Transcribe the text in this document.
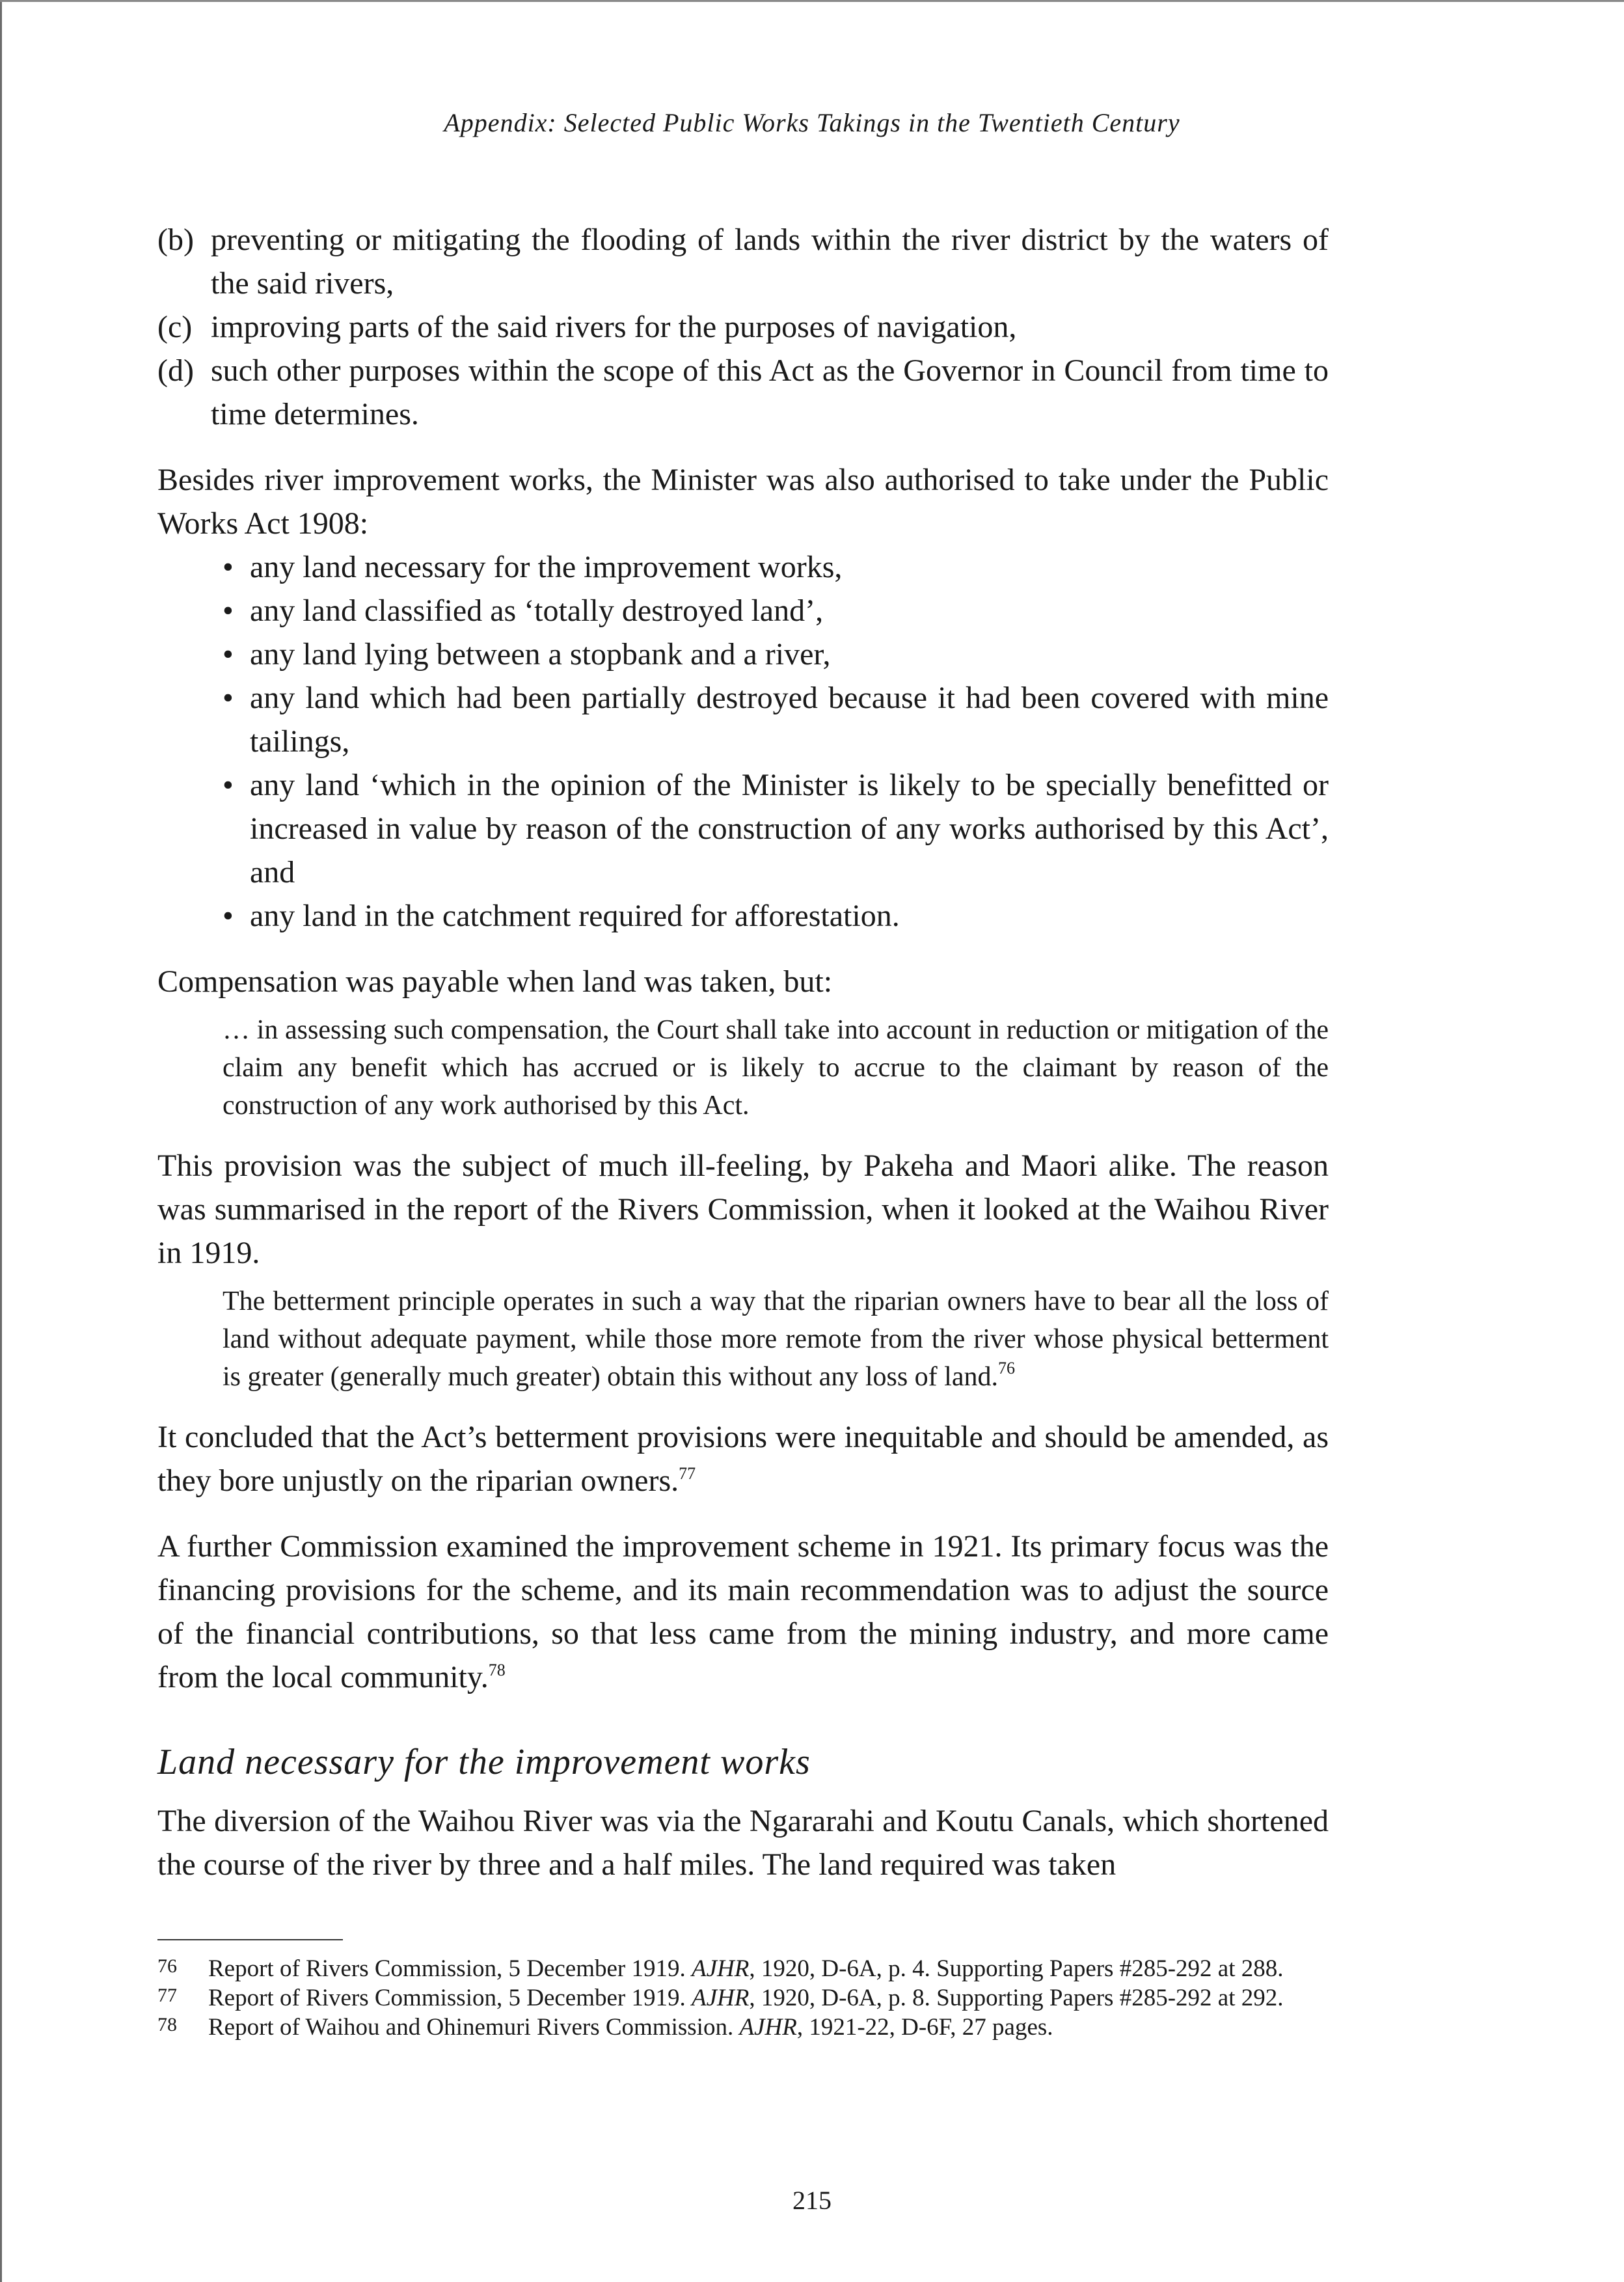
Appendix: Selected Public Works Takings in the Twentieth Century
(b) preventing or mitigating the flooding of lands within the river district by the waters of the said rivers,
(c) improving parts of the said rivers for the purposes of navigation,
(d) such other purposes within the scope of this Act as the Governor in Council from time to time determines.

Besides river improvement works, the Minister was also authorised to take under the Public Works Act 1908:

• any land necessary for the improvement works,
• any land classified as ‘totally destroyed land’,
• any land lying between a stopbank and a river,
• any land which had been partially destroyed because it had been covered with mine tailings,
• any land ‘which in the opinion of the Minister is likely to be specially benefitted or increased in value by reason of the construction of any works authorised by this Act’, and
• any land in the catchment required for afforestation.

Compensation was payable when land was taken, but:

… in assessing such compensation, the Court shall take into account in reduction or mitigation of the claim any benefit which has accrued or is likely to accrue to the claimant by reason of the construction of any work authorised by this Act.

This provision was the subject of much ill-feeling, by Pakeha and Maori alike. The reason was summarised in the report of the Rivers Commission, when it looked at the Waihou River in 1919.

The betterment principle operates in such a way that the riparian owners have to bear all the loss of land without adequate payment, while those more remote from the river whose physical betterment is greater (generally much greater) obtain this without any loss of land.$^{76}$

It concluded that the Act’s betterment provisions were inequitable and should be amended, as they bore unjustly on the riparian owners.$^{77}$

A further Commission examined the improvement scheme in 1921. Its primary focus was the financing provisions for the scheme, and its main recommendation was to adjust the source of the financial contributions, so that less came from the mining industry, and more came from the local community.$^{78}$

Land necessary for the improvement works

The diversion of the Waihou River was via the Ngararahi and Koutu Canals, which shortened the course of the river by three and a half miles. The land required was taken

76 Report of Rivers Commission, 5 December 1919. AJHR, 1920, D-6A, p. 4. Supporting Papers #285-292 at 288.
77 Report of Rivers Commission, 5 December 1919. AJHR, 1920, D-6A, p. 8. Supporting Papers #285-292 at 292.
78 Report of Waihou and Ohinemuri Rivers Commission. AJHR, 1921-22, D-6F, 27 pages.
215
